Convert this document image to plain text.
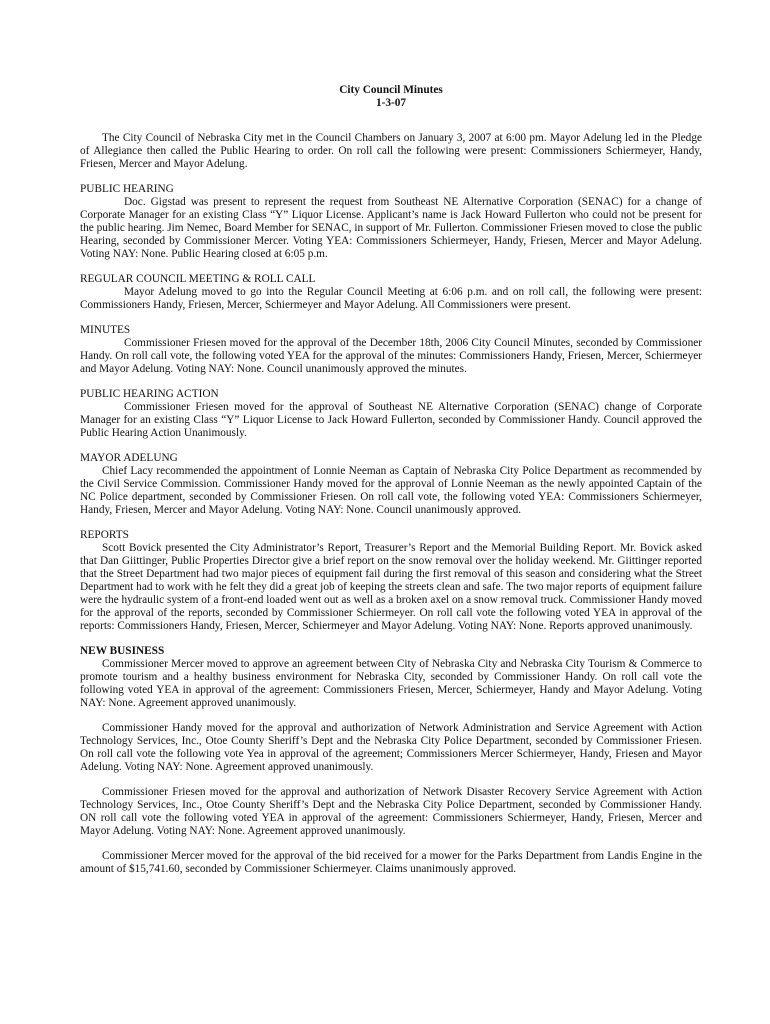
City Council Minutes

1-3-07

The City Council of Nebraska City met in the Council Chambers on January 3, 2007 at 6:00 pm. Mayor Adelung led in the Pledge of Allegiance then called the Public Hearing to order. On roll call the following were present: Commissioners Schiermeyer, Handy, Friesen, Mercer and Mayor Adelung.

PUBLIC HEARING

Doc. Gigstad was present to represent the request from Southeast NE Alternative Corporation (SENAC) for a change of Corporate Manager for an existing Class “Y” Liquor License. Applicant’s name is Jack Howard Fullerton who could not be present for the public hearing. Jim Nemec, Board Member for SENAC, in support of Mr. Fullerton. Commissioner Friesen moved to close the public Hearing, seconded by Commissioner Mercer. Voting YEA: Commissioners Schiermeyer, Handy, Friesen, Mercer and Mayor Adelung. Voting NAY: None. Public Hearing closed at 6:05 p.m.

REGULAR COUNCIL MEETING & ROLL CALL

Mayor Adelung moved to go into the Regular Council Meeting at 6:06 p.m. and on roll call, the following were present: Commissioners Handy, Friesen, Mercer, Schiermeyer and Mayor Adelung. All Commissioners were present.

MINUTES

Commissioner Friesen moved for the approval of the December 18th, 2006 City Council Minutes, seconded by Commissioner Handy. On roll call vote, the following voted YEA for the approval of the minutes: Commissioners Handy, Friesen, Mercer, Schiermeyer and Mayor Adelung. Voting NAY: None. Council unanimously approved the minutes.

PUBLIC HEARING ACTION

Commissioner Friesen moved for the approval of Southeast NE Alternative Corporation (SENAC) change of Corporate Manager for an existing Class “Y” Liquor License to Jack Howard Fullerton, seconded by Commissioner Handy. Council approved the Public Hearing Action Unanimously.

MAYOR ADELUNG

Chief Lacy recommended the appointment of Lonnie Neeman as Captain of Nebraska City Police Department as recommended by the Civil Service Commission. Commissioner Handy moved for the approval of Lonnie Neeman as the newly appointed Captain of the NC Police department, seconded by Commissioner Friesen. On roll call vote, the following voted YEA: Commissioners Schiermeyer, Handy, Friesen, Mercer and Mayor Adelung. Voting NAY: None. Council unanimously approved.

REPORTS

Scott Bovick presented the City Administrator’s Report, Treasurer’s Report and the Memorial Building Report. Mr. Bovick asked that Dan Giittinger, Public Properties Director give a brief report on the snow removal over the holiday weekend. Mr. Giittinger reported that the Street Department had two major pieces of equipment fail during the first removal of this season and considering what the Street Department had to work with he felt they did a great job of keeping the streets clean and safe. The two major reports of equipment failure were the hydraulic system of a front-end loaded went out as well as a broken axel on a snow removal truck. Commissioner Handy moved for the approval of the reports, seconded by Commissioner Schiermeyer. On roll call vote the following voted YEA in approval of the reports: Commissioners Handy, Friesen, Mercer, Schiermeyer and Mayor Adelung. Voting NAY: None. Reports approved unanimously.

NEW BUSINESS

Commissioner Mercer moved to approve an agreement between City of Nebraska City and Nebraska City Tourism & Commerce to promote tourism and a healthy business environment for Nebraska City, seconded by Commissioner Handy. On roll call vote the following voted YEA in approval of the agreement: Commissioners Friesen, Mercer, Schiermeyer, Handy and Mayor Adelung. Voting NAY: None. Agreement approved unanimously.

Commissioner Handy moved for the approval and authorization of Network Administration and Service Agreement with Action Technology Services, Inc., Otoe County Sheriff’s Dept and the Nebraska City Police Department, seconded by Commissioner Friesen. On roll call vote the following vote Yea in approval of the agreement; Commissioners Mercer Schiermeyer, Handy, Friesen and Mayor Adelung. Voting NAY: None. Agreement approved unanimously.

Commissioner Friesen moved for the approval and authorization of Network Disaster Recovery Service Agreement with Action Technology Services, Inc., Otoe County Sheriff’s Dept and the Nebraska City Police Department, seconded by Commissioner Handy. ON roll call vote the following voted YEA in approval of the agreement: Commissioners Schiermeyer, Handy, Friesen, Mercer and Mayor Adelung. Voting NAY: None. Agreement approved unanimously.

Commissioner Mercer moved for the approval of the bid received for a mower for the Parks Department from Landis Engine in the amount of $15,741.60, seconded by Commissioner Schiermeyer. Claims unanimously approved.
